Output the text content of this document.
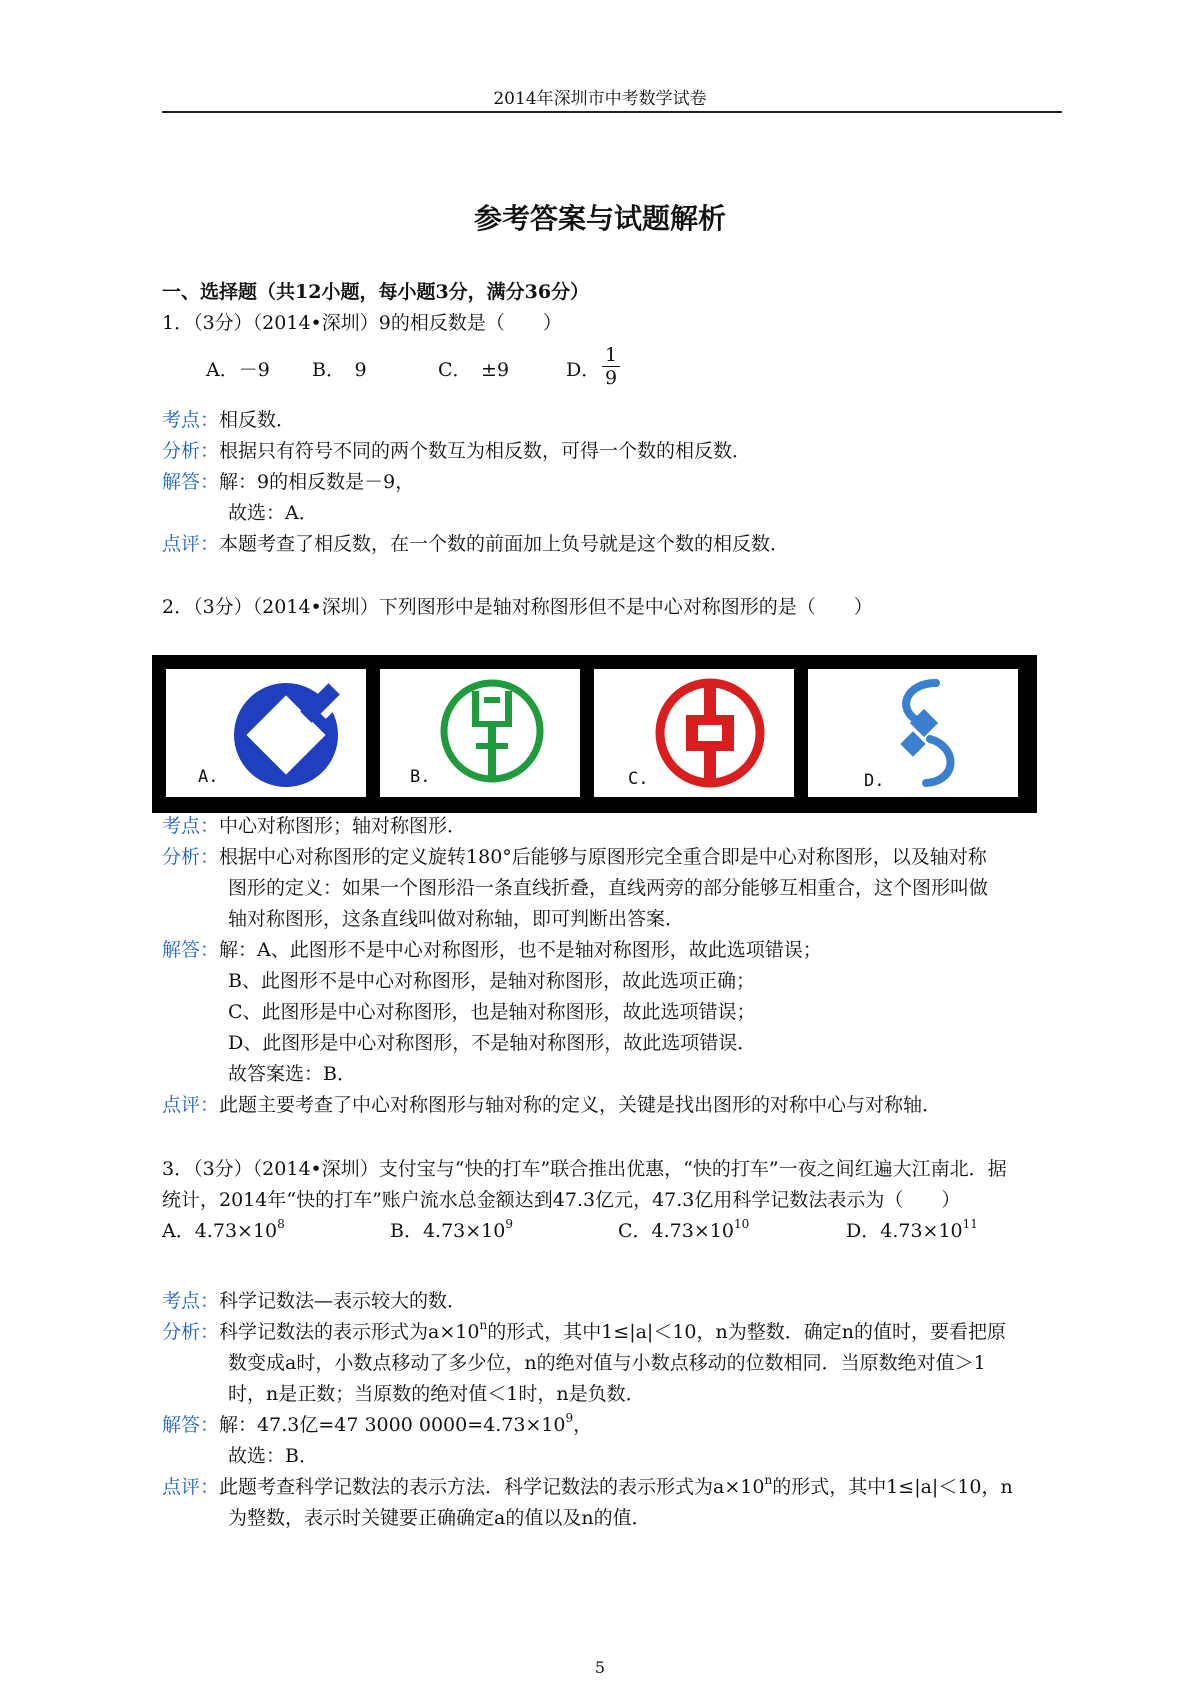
2014年深圳市中考数学试卷
参考答案与试题解析
一、选择题（共12小题，每小题3分，满分36分）
1．（3分）（2014•深圳）9的相反数是（　　）
A．－9 B．　9	C．　±9	D． $\frac{1}{9}$
考点：相反数．
分析：根据只有符号不同的两个数互为相反数，可得一个数的相反数．
解答：解：9的相反数是－9，
故选：A．
点评：本题考查了相反数，在一个数的前面加上负号就是这个数的相反数．
2．（3分）（2014•深圳）下列图形中是轴对称图形但不是中心对称图形的是（　　）
A.	B.	C.	D.
考点：中心对称图形；轴对称图形．
分析：根据中心对称图形的定义旋转180°后能够与原图形完全重合即是中心对称图形，以及轴对称
图形的定义：如果一个图形沿一条直线折叠，直线两旁的部分能够互相重合，这个图形叫做
轴对称图形，这条直线叫做对称轴，即可判断出答案．
解答：解：A、此图形不是中心对称图形，也不是轴对称图形，故此选项错误；
B、此图形不是中心对称图形，是轴对称图形，故此选项正确；
C、此图形是中心对称图形，也是轴对称图形，故此选项错误；
D、此图形是中心对称图形，不是轴对称图形，故此选项错误．
故答案选：B．
点评：此题主要考查了中心对称图形与轴对称的定义，关键是找出图形的对称中心与对称轴．
3．（3分）（2014•深圳）支付宝与“快的打车”联合推出优惠，“快的打车”一夜之间红遍大江南北．据
统计，2014年“快的打车”账户流水总金额达到47.3亿元，47.3亿用科学记数法表示为（　　）
A．$4.73\times 10^8$	B．$4.73\times 10^9$	C．$4.73\times 10^{10}$	D．$4.73\times 10^{11}$
考点：科学记数法—表示较大的数．
分析：科学记数法的表示形式为$a\times 10^n$的形式，其中1≤|a|＜10，n为整数．确定n的值时，要看把原
数变成a时，小数点移动了多少位，n的绝对值与小数点移动的位数相同．当原数绝对值＞1
时，n是正数；当原数的绝对值＜1时，n是负数．
解答：解：47.3亿=47 3000 $0000=4.73\times 10^9$，
故选：B．
点评：此题考查科学记数法的表示方法．科学记数法的表示形式为$a\times 10^n$的形式，其中1≤|a|＜10，n
为整数，表示时关键要正确确定a的值以及n的值．
5
